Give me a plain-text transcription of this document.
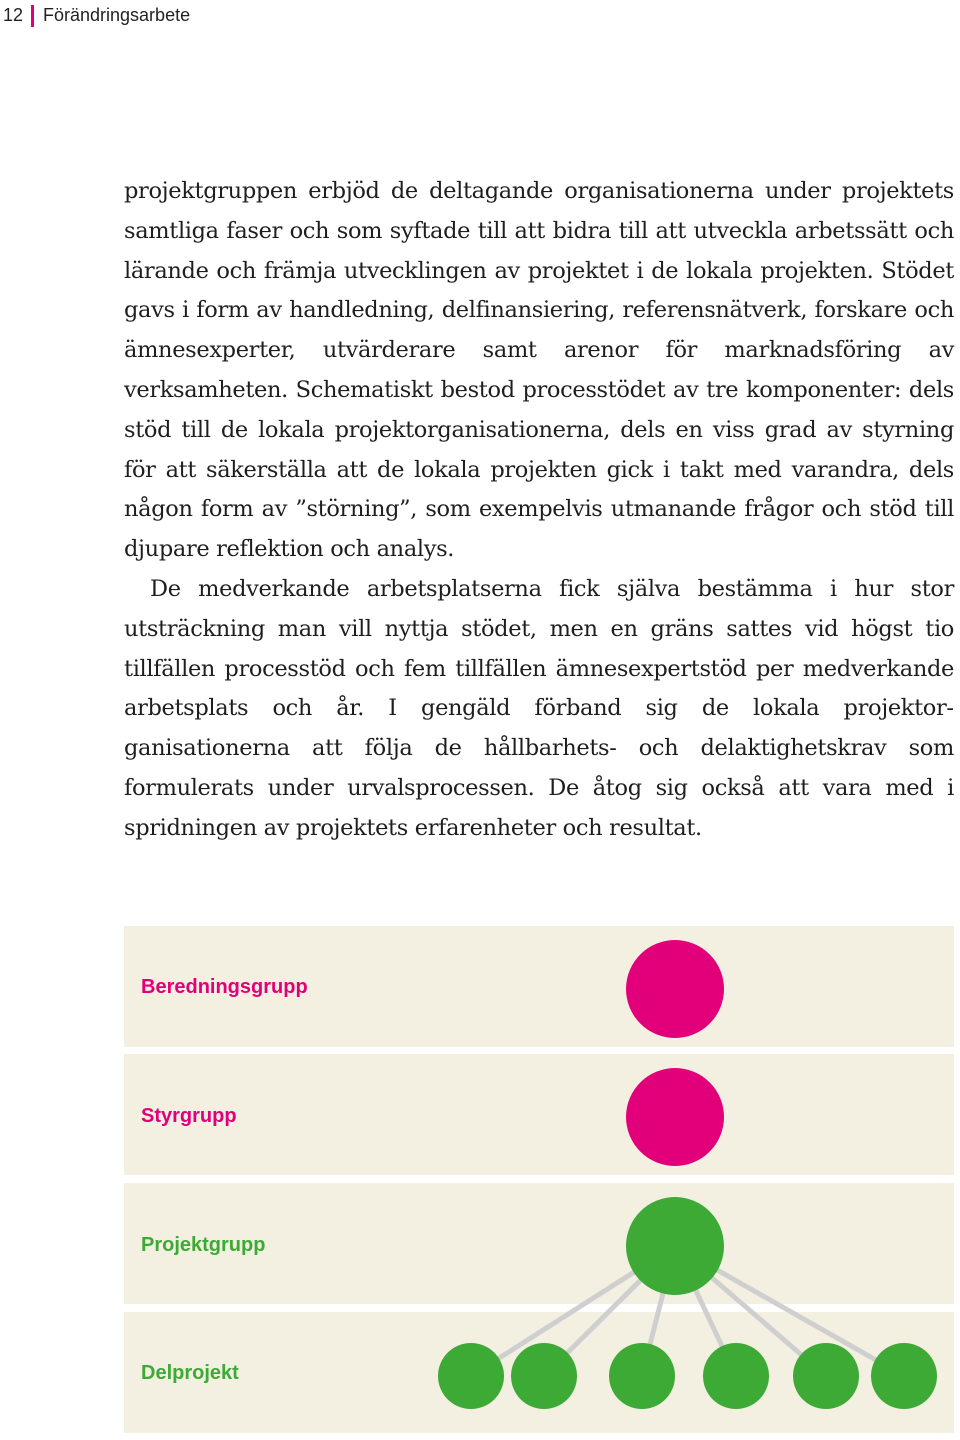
12 Förändringsarbete

projektgruppen erbjöd de deltagande organisationerna under projektets samtliga faser och som syftade till att bidra till att utveckla arbetssätt och lärande och främja utvecklingen av projektet i de lokala projekten. Stödet gavs i form av handledning, delfinansiering, referensnätverk, forskare och ämnesexperter, utvärderare samt arenor för marknadsföring av verksamheten. Schematiskt bestod processtödet av tre komponenter: dels stöd till de lokala projektorganisationerna, dels en viss grad av styrning för att säkerställa att de lokala projekten gick i takt med varandra, dels någon form av ”störning”, som exempelvis utmanande frågor och stöd till djupare reflektion och analys.

De medverkande arbetsplatserna fick själva bestämma i hur stor utsträckning man vill nyttja stödet, men en gräns sattes vid högst tio tillfällen processtöd och fem tillfällen ämnesexpertstöd per medverkande arbetsplats och år. I gengäld förband sig de lokala projektorganisationerna att följa de hållbarhets- och delaktighetskrav som formulerats under urvalsprocessen. De åtog sig också att vara med i spridningen av projektets erfarenheter och resultat.

Beredningsgrupp
Styrgrupp
Projektgrupp
Delprojekt
